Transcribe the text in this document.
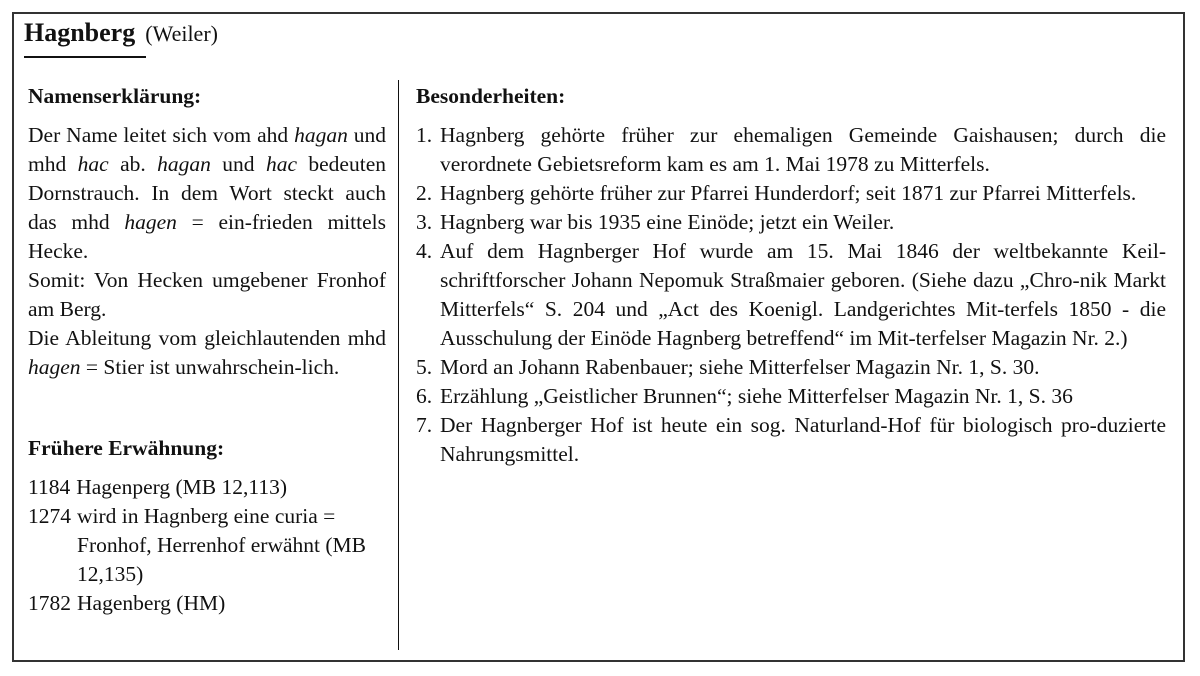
Hagnberg (Weiler)
Namenserklärung:

Der Name leitet sich vom ahd hagan und mhd hac ab. hagan und hac bedeuten Dornstrauch. In dem Wort steckt auch das mhd hagen = ein-frieden mittels Hecke.

Somit: Von Hecken umgebener Fronhof am Berg.

Die Ableitung vom gleichlautenden mhd hagen = Stier ist unwahrschein-lich.

Frühere Erwähnung:
1184 Hagenperg (MB 12,113)
1274 wird in Hagnberg eine curia = Fronhof, Herrenhof erwähnt (MB 12,135)
1782 Hagenberg (HM)
Besonderheiten:
1. Hagnberg gehörte früher zur ehemaligen Gemeinde Gaishausen; durch die verordnete Gebietsreform kam es am 1. Mai 1978 zu Mitterfels.
2. Hagnberg gehörte früher zur Pfarrei Hunderdorf; seit 1871 zur Pfarrei Mitterfels.
3. Hagnberg war bis 1935 eine Einöde; jetzt ein Weiler.
4. Auf dem Hagnberger Hof wurde am 15. Mai 1846 der weltbekannte Keil-schriftforscher Johann Nepomuk Straßmaier geboren. (Siehe dazu „Chro-nik Markt Mitterfels“ S. 204 und „Act des Koenigl. Landgerichtes Mit-terfels 1850 - die Ausschulung der Einöde Hagnberg betreffend“ im Mit-terfelser Magazin Nr. 2.)
5. Mord an Johann Rabenbauer; siehe Mitterfelser Magazin Nr. 1, S. 30.
6. Erzählung „Geistlicher Brunnen“; siehe Mitterfelser Magazin Nr. 1, S. 36
7. Der Hagnberger Hof ist heute ein sog. Naturland-Hof für biologisch pro-duzierte Nahrungsmittel.
